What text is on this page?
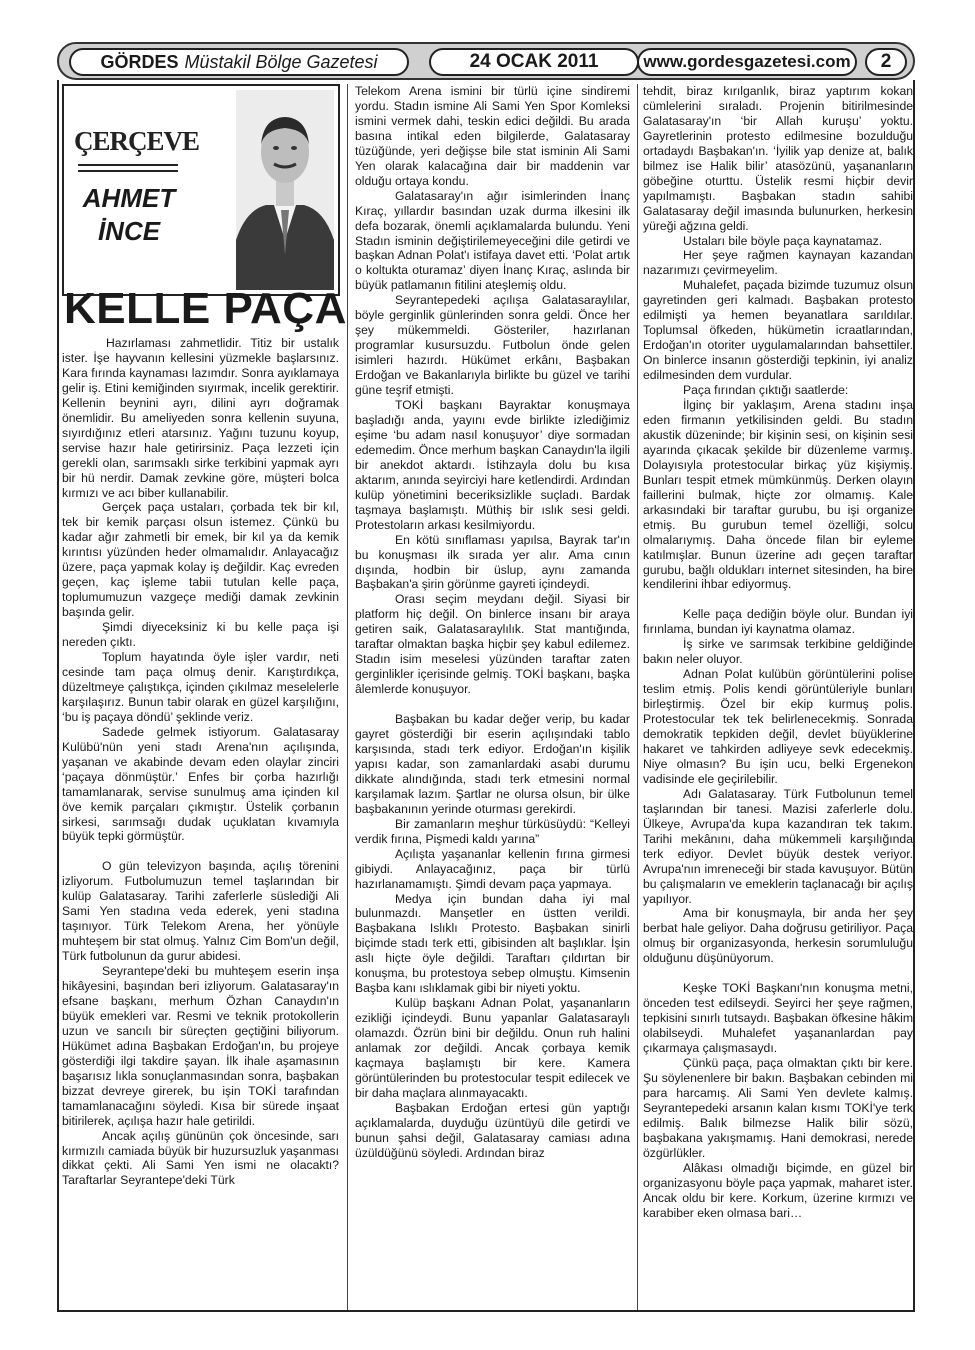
GÖRDES Müstakil Bölge Gazetesi	24 OCAK 2011	www.gordesgazetesi.com	2
ÇERÇEVE
AHMET
İNCE
KELLE PAÇA

Hazırlaması zahmetlidir. Titiz bir ustalık ister. İşe hayvanın kellesini yüzmekle başlarsınız. Kara fırında kaynaması lazımdır. Sonra ayıklamaya gelir iş. Etini kemiğinden sıyırmak, incelik gerektirir. Kellenin beynini ayrı, dilini ayrı doğramak önemlidir. Bu ameliyeden sonra kellenin suyuna, sıyırdığınız etleri atarsınız. Yağını tuzunu koyup, servise hazır hale getirirsiniz. Paça lezzeti için gerekli olan, sarımsaklı sirke terkibini yapmak ayrı bir hü nerdir. Damak zevkine göre, müşteri bolca kırmızı ve acı biber kullanabilir.

Gerçek paça ustaları, çorbada tek bir kıl, tek bir kemik parçası olsun istemez. Çünkü bu kadar ağır zahmetli bir emek, bir kıl ya da kemik kırıntısı yüzünden heder olmamalıdır. Anlayacağız üzere, paça yapmak kolay iş değildir. Kaç evreden geçen, kaç işleme tabii tutulan kelle paça, toplumumuzun vazgeçe mediği damak zevkinin başında gelir.

Şimdi diyeceksiniz ki bu kelle paça işi nereden çıktı.

Toplum hayatında öyle işler vardır, neti cesinde tam paça olmuş denir. Karıştırdıkça, düzeltmeye çalıştıkça, içinden çıkılmaz meselelerle karşılaşırız. Bunun tabir olarak en güzel karşılığını, ‘bu iş paçaya döndü’ şeklinde veriz.

Sadede gelmek istiyorum. Galatasaray Kulübü'nün yeni stadı Arena'nın açılışında, yaşanan ve akabinde devam eden olaylar zinciri ‘paçaya dönmüştür.’ Enfes bir çorba hazırlığı tamamlanarak, servise sunulmuş ama içinden kıl öve kemik parçaları çıkmıştır. Üstelik çorbanın sirkesi, sarımsağı dudak uçuklatan kıvamıyla büyük tepki görmüştür.

O gün televizyon başında, açılış törenini izliyorum. Futbolumuzun temel taşlarından bir kulüp Galatasaray. Tarihi zaferlerle süslediği Ali Sami Yen stadına veda ederek, yeni stadına taşınıyor. Türk Telekom Arena, her yönüyle muhteşem bir stat olmuş. Yalnız Cim Bom'un değil, Türk futbolunun da gurur abidesi.

Seyrantepe'deki bu muhteşem eserin inşa hikâyesini, başından beri izliyorum. Galatasaray'ın efsane başkanı, merhum Özhan Canaydın'ın büyük emekleri var. Resmi ve teknik protokollerin uzun ve sancılı bir süreçten geçtiğini biliyorum. Hükümet adına Başbakan Erdoğan'ın, bu projeye gösterdiği ilgi takdire şayan. İlk ihale aşamasının başarısız lıkla sonuçlanmasından sonra, başbakan bizzat devreye girerek, bu işin TOKİ tarafından tamamlanacağını söyledi. Kısa bir sürede inşaat bitirilerek, açılışa hazır hale getirildi.

Ancak açılış gününün çok öncesinde, sarı kırmızılı camiada büyük bir huzursuzluk yaşanması dikkat çekti. Ali Sami Yen ismi ne olacaktı? Taraftarlar Seyrantepe'deki Türk

Telekom Arena ismini bir türlü içine sindiremi yordu. Stadın ismine Ali Sami Yen Spor Komleksi ismini vermek dahi, teskin edici değildi. Bu arada basına intikal eden bilgilerde, Galatasaray tüzüğünde, yeri değişse bile stat isminin Ali Sami Yen olarak kalacağına dair bir maddenin var olduğu ortaya kondu.

Galatasaray'ın ağır isimlerinden İnanç Kıraç, yıllardır basından uzak durma ilkesini ilk defa bozarak, önemli açıklamalarda bulundu. Yeni Stadın isminin değiştirilemeyeceğini dile getirdi ve başkan Adnan Polat'ı istifaya davet etti. ‘Polat artık o koltukta oturamaz’ diyen İnanç Kıraç, aslında bir büyük patlamanın fitilini ateşlemiş oldu.

Seyrantepedeki açılışa Galatasaraylılar, böyle gerginlik günlerinden sonra geldi. Önce her şey mükemmeldi. Gösteriler, hazırlanan programlar kusursuzdu. Futbolun önde gelen isimleri hazırdı. Hükümet erkânı, Başbakan Erdoğan ve Bakanlarıyla birlikte bu güzel ve tarihi güne teşrif etmişti.

TOKİ başkanı Bayraktar konuşmaya başladığı anda, yayını evde birlikte izlediğimiz eşime ‘bu adam nasıl konuşuyor’ diye sormadan edemedim. Önce merhum başkan Canaydın'la ilgili bir anekdot aktardı. İstihzayla dolu bu kısa aktarım, anında seyirciyi hare ketlendirdi. Ardından kulüp yönetimini beceriksizlikle suçladı. Bardak taşmaya başlamıştı. Müthiş bir ıslık sesi geldi. Protestoların arkası kesilmiyordu.

En kötü sınıflaması yapılsa, Bayrak tar'ın bu konuşması ilk sırada yer alır. Ama cının dışında, hodbin bir üslup, aynı zamanda Başbakan'a şirin görünme gayreti içindeydi.

Orası seçim meydanı değil. Siyasi bir platform hiç değil. On binlerce insanı bir araya getiren saik, Galatasaraylılık. Stat mantığında, taraftar olmaktan başka hiçbir şey kabul edilemez. Stadın isim meselesi yüzünden taraftar zaten gerginlikler içerisinde gelmiş. TOKİ başkanı, başka âlemlerde konuşuyor.

Başbakan bu kadar değer verip, bu kadar gayret gösterdiği bir eserin açılışındaki tablo karşısında, stadı terk ediyor. Erdoğan'ın kişilik yapısı kadar, son zamanlardaki asabi durumu dikkate alındığında, stadı terk etmesini normal karşılamak lazım. Şartlar ne olursa olsun, bir ülke başbakanının yerinde oturması gerekirdi.

Bir zamanların meşhur türküsüydü: “Kelleyi verdik fırına, Pişmedi kaldı yarına”

Açılışta yaşananlar kellenin fırına girmesi gibiydi. Anlayacağınız, paça bir türlü hazırlanamamıştı. Şimdi devam paça yapmaya.

Medya için bundan daha iyi mal bulunmazdı. Manşetler en üstten verildi. Başbakana Islıklı Protesto. Başbakan sinirli biçimde stadı terk etti, gibisinden alt başlıklar. İşin aslı hiçte öyle değildi. Taraftarı çıldırtan bir konuşma, bu protestoya sebep olmuştu. Kimsenin Başba kanı ıslıklamak gibi bir niyeti yoktu.

Kulüp başkanı Adnan Polat, yaşananların ezikliği içindeydi. Bunu yapanlar Galatasaraylı olamazdı. Özrün bini bir değildu. Onun ruh halini anlamak zor değildi. Ancak çorbaya kemik kaçmaya başlamıştı bir kere. Kamera görüntülerinden bu protestocular tespit edilecek ve bir daha maçlara alınmayacaktı.

Başbakan Erdoğan ertesi gün yaptığı açıklamalarda, duyduğu üzüntüyü dile getirdi ve bunun şahsi değil, Galatasaray camiası adına üzüldüğünü söyledi. Ardından biraz

tehdit, biraz kırılganlık, biraz yaptırım kokan cümlelerini sıraladı. Projenin bitirilmesinde Galatasaray'ın ‘bir Allah kuruşu’ yoktu. Gayretlerinin protesto edilmesine bozulduğu ortadaydı Başbakan'ın. ‘İyilik yap denize at, balık bilmez ise Halik bilir’ atasözünü, yaşananların göbeğine oturttu. Üstelik resmi hiçbir devir yapılmamıştı. Başbakan stadın sahibi Galatasaray değil imasında bulunurken, herkesin yüreği ağzına geldi.

Ustaları bile böyle paça kaynatamaz.

Her şeye rağmen kaynayan kazandan nazarımızı çevirmeyelim.

Muhalefet, paçada bizimde tuzumuz olsun gayretinden geri kalmadı. Başbakan protesto edilmişti ya hemen beyanatlara sarıldılar. Toplumsal öfkeden, hükümetin icraatlarından, Erdoğan'ın otoriter uygulamalarından bahsettiler. On binlerce insanın gösterdiği tepkinin, iyi analiz edilmesinden dem vurdular.

Paça fırından çıktığı saatlerde:

İlginç bir yaklaşım, Arena stadını inşa eden firmanın yetkilisinden geldi. Bu stadın akustik düzeninde; bir kişinin sesi, on kişinin sesi ayarında çıkacak şekilde bir düzenleme varmış. Dolayısıyla protestocular birkaç yüz kişiymiş. Bunları tespit etmek mümkünmüş. Derken olayın faillerini bulmak, hiçte zor olmamış. Kale arkasındaki bir taraftar gurubu, bu işi organize etmiş. Bu gurubun temel özelliği, solcu olmalarıymış. Daha öncede filan bir eyleme katılmışlar. Bunun üzerine adı geçen taraftar gurubu, bağlı oldukları internet sitesinden, ha bire kendilerini ihbar ediyormuş.

Kelle paça dediğin böyle olur. Bundan iyi fırınlama, bundan iyi kaynatma olamaz.

İş sirke ve sarımsak terkibine geldiğinde bakın neler oluyor.

Adnan Polat kulübün görüntülerini polise teslim etmiş. Polis kendi görüntüleriyle bunları birleştirmiş. Özel bir ekip kurmuş polis. Protestocular tek tek belirlenecekmiş. Sonrada demokratik tepkiden değil, devlet büyüklerine hakaret ve tahkirden adliyeye sevk edecekmiş. Niye olmasın? Bu işin ucu, belki Ergenekon vadisinde ele geçirilebilir.

Adı Galatasaray. Türk Futbolunun temel taşlarından bir tanesi. Mazisi zaferlerle dolu. Ülkeye, Avrupa'da kupa kazandıran tek takım. Tarihi mekânını, daha mükemmeli karşılığında terk ediyor. Devlet büyük destek veriyor. Avrupa'nın imreneceği bir stada kavuşuyor. Bütün bu çalışmaların ve emeklerin taçlanacağı bir açılış yapılıyor.

Ama bir konuşmayla, bir anda her şey berbat hale geliyor. Daha doğrusu getiriliyor. Paça olmuş bir organizasyonda, herkesin sorumluluğu olduğunu düşünüyorum.

Keşke TOKİ Başkanı'nın konuşma metni, önceden test edilseydi. Seyirci her şeye rağmen, tepkisini sınırlı tutsaydı. Başbakan öfkesine hâkim olabilseydi. Muhalefet yaşananlardan pay çıkarmaya çalışmasaydı.

Çünkü paça, paça olmaktan çıktı bir kere. Şu söylenenlere bir bakın. Başbakan cebinden mi para harcamış. Ali Sami Yen devlete kalmış. Seyrantepedeki arsanın kalan kısmı TOKİ'ye terk edilmiş. Balık bilmezse Halik bilir sözü, başbakana yakışmamış. Hani demokrasi, nerede özgürlükler.

Alâkası olmadığı biçimde, en güzel bir organizasyonu böyle paça yapmak, maharet ister. Ancak oldu bir kere. Korkum, üzerine kırmızı ve karabiber eken olmasa bari…
